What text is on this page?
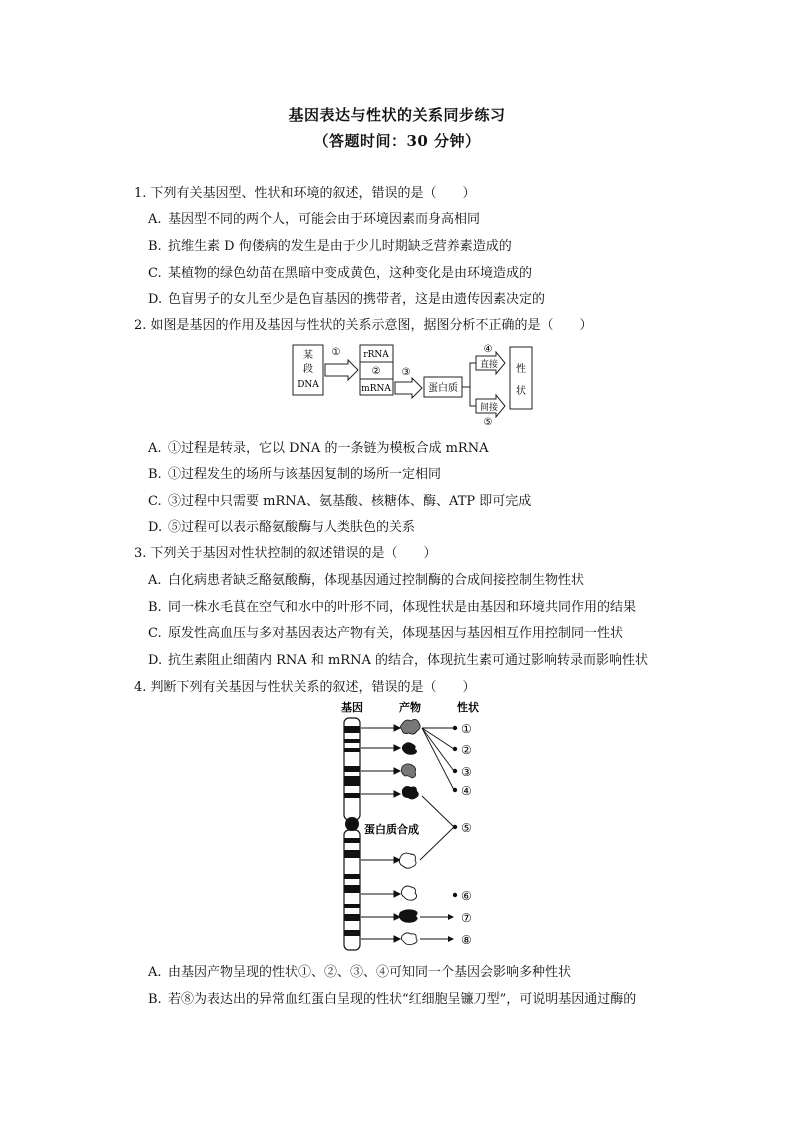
基因表达与性状的关系同步练习
（答题时间：30 分钟）
1. 下列有关基因型、性状和环境的叙述，错误的是（　　）
A. 基因型不同的两个人，可能会由于环境因素而身高相同
B. 抗维生素 D 佝偻病的发生是由于少儿时期缺乏营养素造成的
C. 某植物的绿色幼苗在黑暗中变成黄色，这种变化是由环境造成的
D. 色盲男子的女儿至少是色盲基因的携带者，这是由遗传因素决定的
2. 如图是基因的作用及基因与性状的关系示意图，据图分析不正确的是（　　）
某
段
DNA
①	rRNA
②
mRNA
③
蛋白质
④
直接
间接
⑤
性
状
A. ①过程是转录，它以 DNA 的一条链为模板合成 mRNA
B. ①过程发生的场所与该基因复制的场所一定相同
C. ③过程中只需要 mRNA、氨基酸、核糖体、酶、ATP 即可完成
D. ⑤过程可以表示酪氨酸酶与人类肤色的关系
3. 下列关于基因对性状控制的叙述错误的是（　　）
A. 白化病患者缺乏酪氨酸酶，体现基因通过控制酶的合成间接控制生物性状
B. 同一株水毛茛在空气和水中的叶形不同，体现性状是由基因和环境共同作用的结果
C. 原发性高血压与多对基因表达产物有关，体现基因与基因相互作用控制同一性状
D. 抗生素阻止细菌内 RNA 和 mRNA 的结合，体现抗生素可通过影响转录而影响性状
4. 判断下列有关基因与性状关系的叙述，错误的是（　　）
基因	产物	性状
蛋白质合成
①
②
③
④
⑤
⑥
⑦
⑧
A. 由基因产物呈现的性状①、②、③、④可知同一个基因会影响多种性状
B. 若⑧为表达出的异常血红蛋白呈现的性状“红细胞呈镰刀型”，可说明基因通过酶的
